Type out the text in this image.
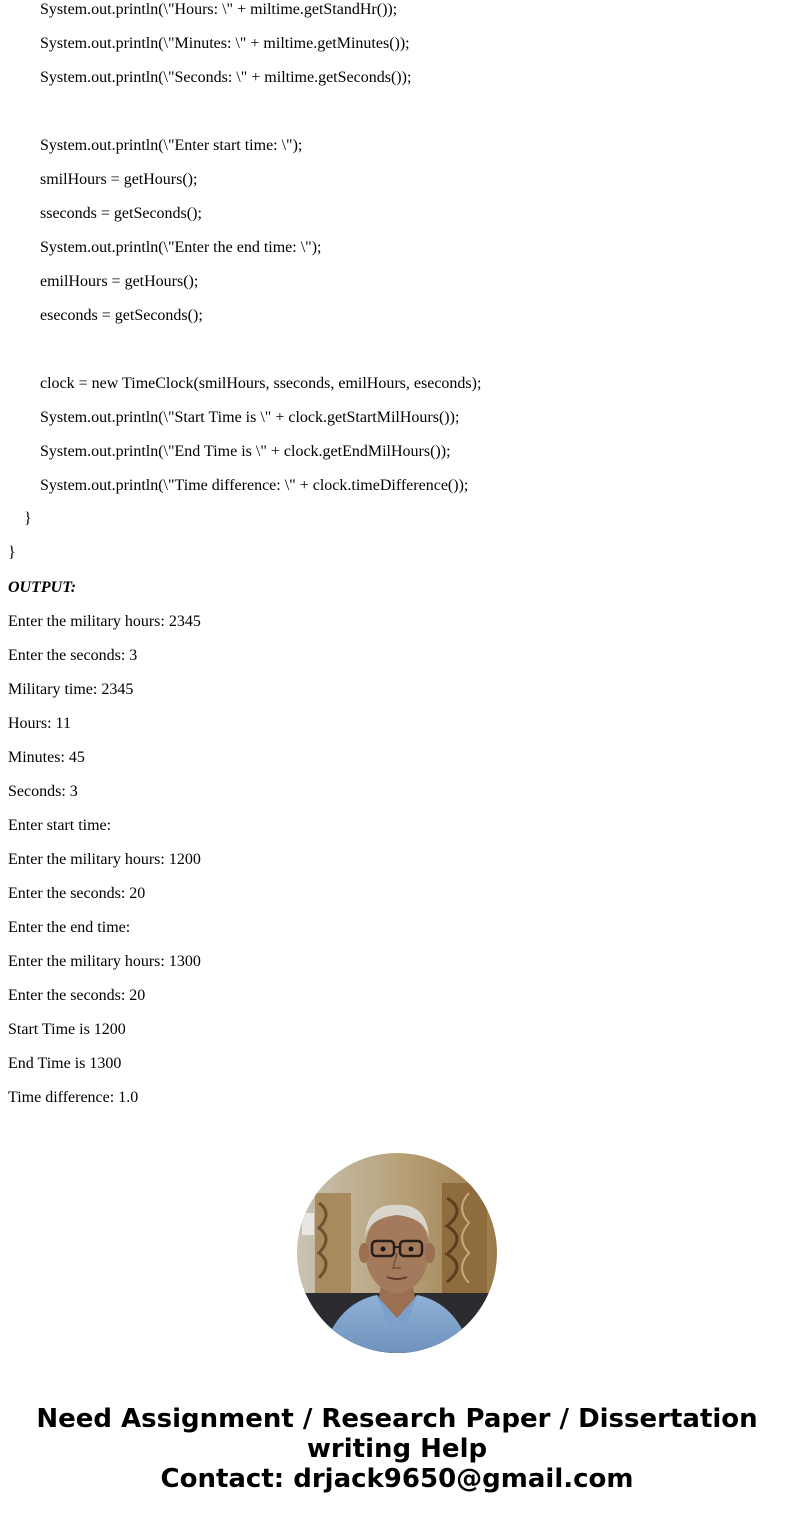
System.out.println(\"Hours: \" + miltime.getStandHr());

System.out.println(\"Minutes: \" + miltime.getMinutes());

System.out.println(\"Seconds: \" + miltime.getSeconds());

System.out.println(\"Enter start time: \");

smilHours = getHours();

sseconds = getSeconds();

System.out.println(\"Enter the end time: \");

emilHours = getHours();

eseconds = getSeconds();

clock = new TimeClock(smilHours, sseconds, emilHours, eseconds);

System.out.println(\"Start Time is \" + clock.getStartMilHours());

System.out.println(\"End Time is \" + clock.getEndMilHours());

System.out.println(\"Time difference: \" + clock.timeDifference());

}

}

OUTPUT:

Enter the military hours: 2345

Enter the seconds: 3

Military time: 2345

Hours: 11

Minutes: 45

Seconds: 3

Enter start time:

Enter the military hours: 1200

Enter the seconds: 20

Enter the end time:

Enter the military hours: 1300

Enter the seconds: 20

Start Time is 1200

End Time is 1300

Time difference: 1.0

Need Assignment / Research Paper / Dissertation

writing Help

Contact: drjack9650@gmail.com
